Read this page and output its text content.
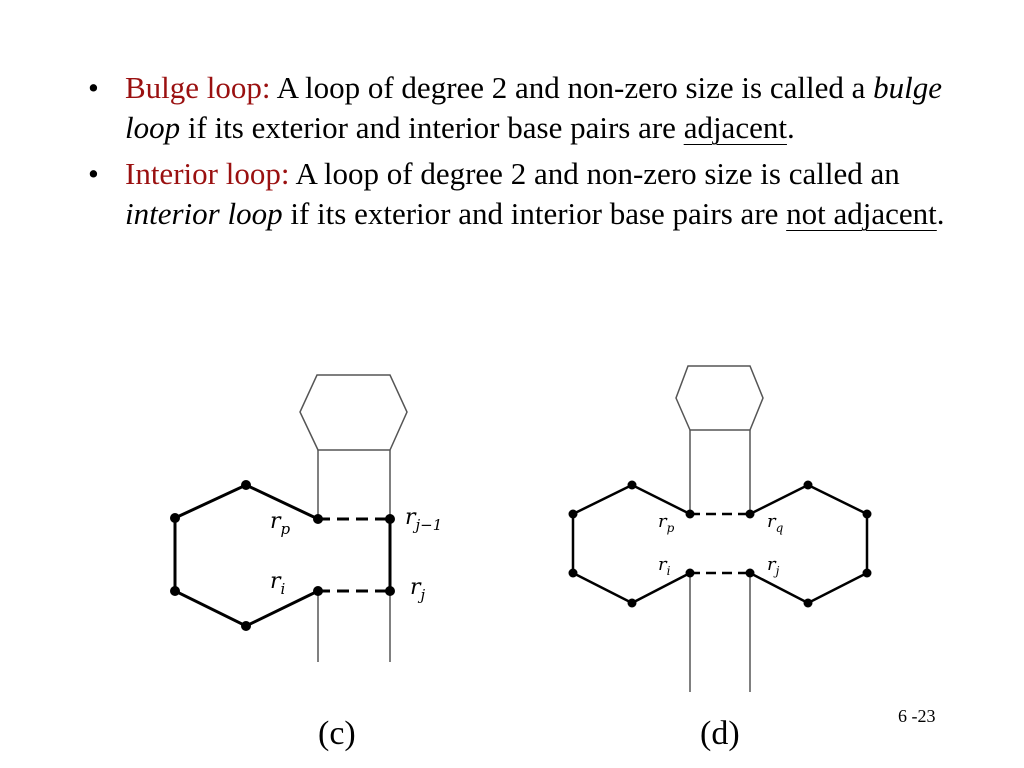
• Bulge loop: A loop of degree 2 and non-zero size is called a bulge loop if its exterior and interior base pairs are adjacent.
• Interior loop: A loop of degree 2 and non-zero size is called an interior loop if its exterior and interior base pairs are not adjacent.
$r_p$
$r_i$
$r_{j-1}$
$r_j$
$r_p$	$r_q$
$r_i$	$r_j$
(c)	(d)	6 -23
